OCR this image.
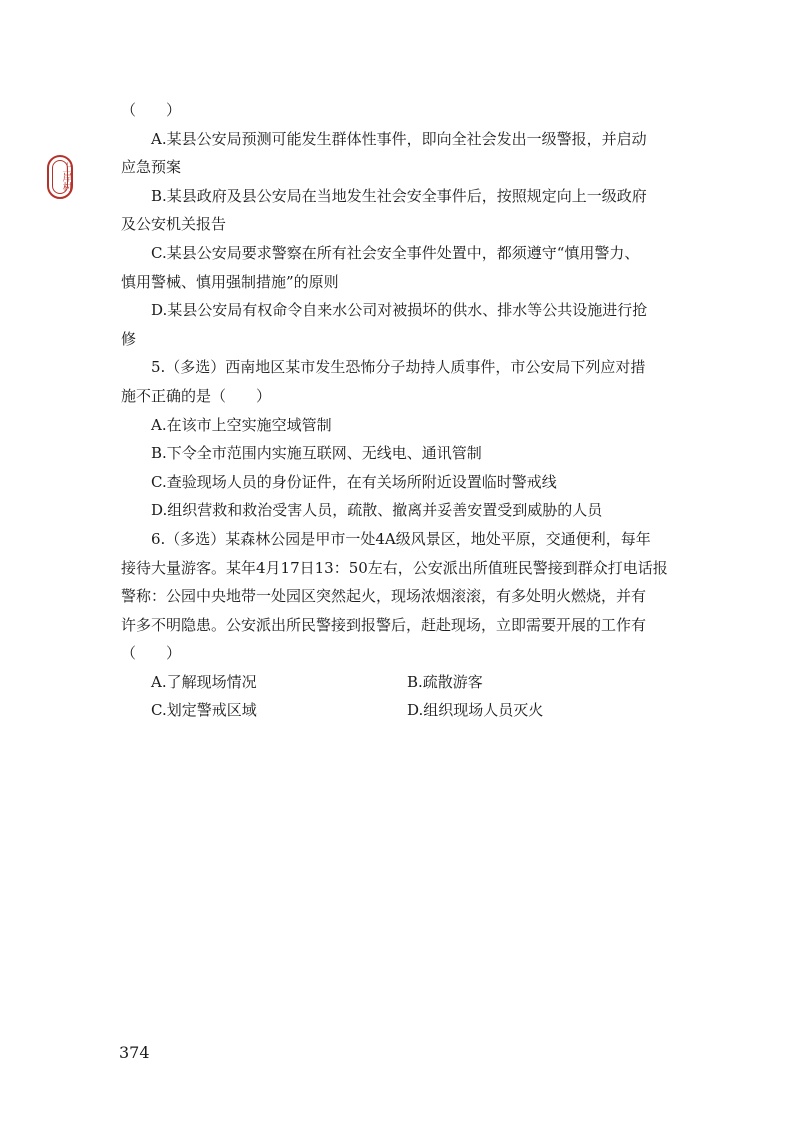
上岸村
（　　）
A.某县公安局预测可能发生群体性事件，即向全社会发出一级警报，并启动
应急预案
B.某县政府及县公安局在当地发生社会安全事件后，按照规定向上一级政府
及公安机关报告
C.某县公安局要求警察在所有社会安全事件处置中，都须遵守“慎用警力、
慎用警械、慎用强制措施”的原则
D.某县公安局有权命令自来水公司对被损坏的供水、排水等公共设施进行抢
修
5.（多选）西南地区某市发生恐怖分子劫持人质事件，市公安局下列应对措
施不正确的是（　　）
A.在该市上空实施空域管制
B.下令全市范围内实施互联网、无线电、通讯管制
C.查验现场人员的身份证件，在有关场所附近设置临时警戒线
D.组织营救和救治受害人员，疏散、撤离并妥善安置受到威胁的人员
6.（多选）某森林公园是甲市一处4A级风景区，地处平原，交通便利，每年
接待大量游客。某年4月17日13：50左右，公安派出所值班民警接到群众打电话报
警称：公园中央地带一处园区突然起火，现场浓烟滚滚，有多处明火燃烧，并有
许多不明隐患。公安派出所民警接到报警后，赶赴现场，立即需要开展的工作有
（　　）
A.了解现场情况	B.疏散游客
C.划定警戒区域	D.组织现场人员灭火
374
